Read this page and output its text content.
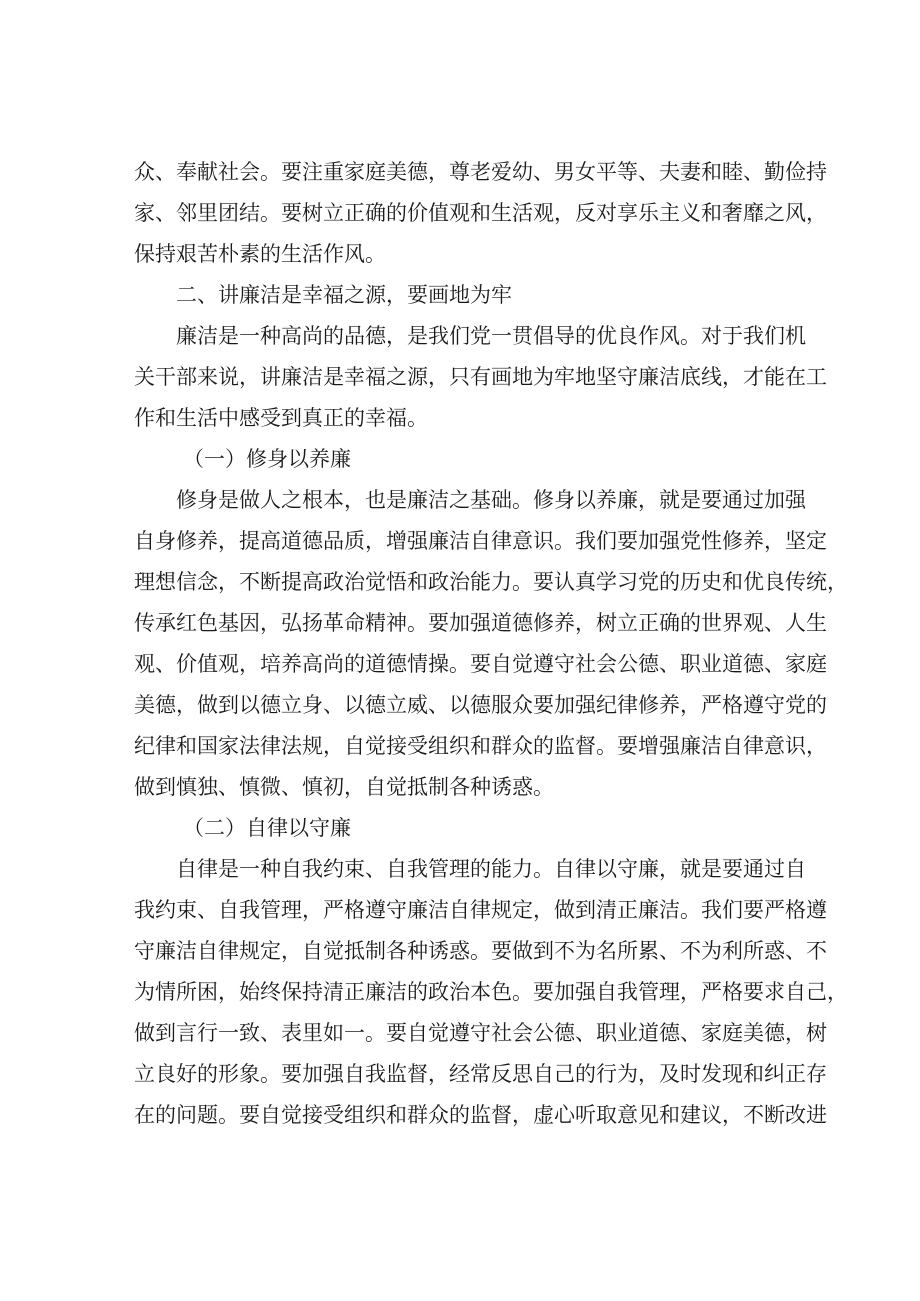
众、奉献社会。要注重家庭美德，尊老爱幼、男女平等、夫妻和睦、勤俭持
家、邻里团结。要树立正确的价值观和生活观，反对享乐主义和奢靡之风，
保持艰苦朴素的生活作风。
二、讲廉洁是幸福之源，要画地为牢
廉洁是一种高尚的品德，是我们党一贯倡导的优良作风。对于我们机
关干部来说，讲廉洁是幸福之源，只有画地为牢地坚守廉洁底线，才能在工
作和生活中感受到真正的幸福。
（一）修身以养廉
修身是做人之根本，也是廉洁之基础。修身以养廉，就是要通过加强
自身修养，提高道德品质，增强廉洁自律意识。我们要加强党性修养，坚定
理想信念，不断提高政治觉悟和政治能力。要认真学习党的历史和优良传统，
传承红色基因，弘扬革命精神。要加强道德修养，树立正确的世界观、人生
观、价值观，培养高尚的道德情操。要自觉遵守社会公德、职业道德、家庭
美德，做到以德立身、以德立威、以德服众要加强纪律修养，严格遵守党的
纪律和国家法律法规，自觉接受组织和群众的监督。要增强廉洁自律意识，
做到慎独、慎微、慎初，自觉抵制各种诱惑。
（二）自律以守廉
自律是一种自我约束、自我管理的能力。自律以守廉，就是要通过自
我约束、自我管理，严格遵守廉洁自律规定，做到清正廉洁。我们要严格遵
守廉洁自律规定，自觉抵制各种诱惑。要做到不为名所累、不为利所惑、不
为情所困，始终保持清正廉洁的政治本色。要加强自我管理，严格要求自己，
做到言行一致、表里如一。要自觉遵守社会公德、职业道德、家庭美德，树
立良好的形象。要加强自我监督，经常反思自己的行为，及时发现和纠正存
在的问题。要自觉接受组织和群众的监督，虚心听取意见和建议，不断改进
